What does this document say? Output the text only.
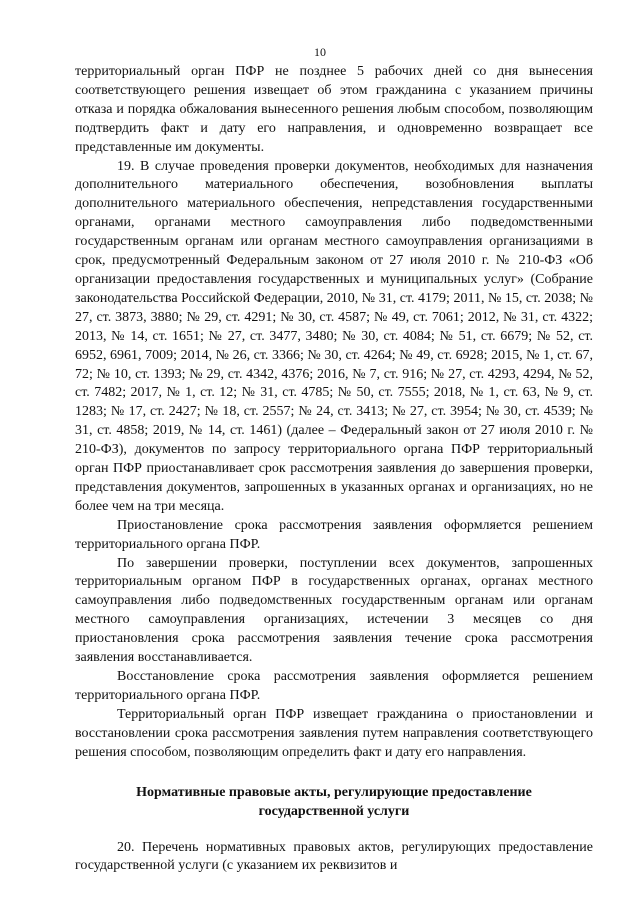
10

территориальный орган ПФР не позднее 5 рабочих дней со дня вынесения соответствующего решения извещает об этом гражданина с указанием причины отказа и порядка обжалования вынесенного решения любым способом, позволяющим подтвердить факт и дату его направления, и одновременно возвращает все представленные им документы.

19. В случае проведения проверки документов, необходимых для назначения дополнительного материального обеспечения, возобновления выплаты дополнительного материального обеспечения, непредставления государственными органами, органами местного самоуправления либо подведомственными государственным органам или органам местного самоуправления организациями в срок, предусмотренный Федеральным законом от 27 июля 2010 г. № 210-ФЗ «Об организации предоставления государственных и муниципальных услуг» (Собрание законодательства Российской Федерации, 2010, № 31, ст. 4179; 2011, № 15, ст. 2038; № 27, ст. 3873, 3880; № 29, ст. 4291; № 30, ст. 4587; № 49, ст. 7061; 2012, № 31, ст. 4322; 2013, № 14, ст. 1651; № 27, ст. 3477, 3480; № 30, ст. 4084; № 51, ст. 6679; № 52, ст. 6952, 6961, 7009; 2014, № 26, ст. 3366; № 30, ст. 4264; № 49, ст. 6928; 2015, № 1, ст. 67, 72; № 10, ст. 1393; № 29, ст. 4342, 4376; 2016, № 7, ст. 916; № 27, ст. 4293, 4294, № 52, ст. 7482; 2017, № 1, ст. 12; № 31, ст. 4785; № 50, ст. 7555; 2018, № 1, ст. 63, № 9, ст. 1283; № 17, ст. 2427; № 18, ст. 2557; № 24, ст. 3413; № 27, ст. 3954; № 30, ст. 4539; № 31, ст. 4858; 2019, № 14, ст. 1461) (далее – Федеральный закон от 27 июля 2010 г. № 210-ФЗ), документов по запросу территориального органа ПФР территориальный орган ПФР приостанавливает срок рассмотрения заявления до завершения проверки, представления документов, запрошенных в указанных органах и организациях, но не более чем на три месяца.

Приостановление срока рассмотрения заявления оформляется решением территориального органа ПФР.

По завершении проверки, поступлении всех документов, запрошенных территориальным органом ПФР в государственных органах, органах местного самоуправления либо подведомственных государственным органам или органам местного самоуправления организациях, истечении 3 месяцев со дня приостановления срока рассмотрения заявления течение срока рассмотрения заявления восстанавливается.

Восстановление срока рассмотрения заявления оформляется решением территориального органа ПФР.

Территориальный орган ПФР извещает гражданина о приостановлении и восстановлении срока рассмотрения заявления путем направления соответствующего решения способом, позволяющим определить факт и дату его направления.

Нормативные правовые акты, регулирующие предоставление
государственной услуги

20. Перечень нормативных правовых актов, регулирующих предоставление государственной услуги (с указанием их реквизитов и
